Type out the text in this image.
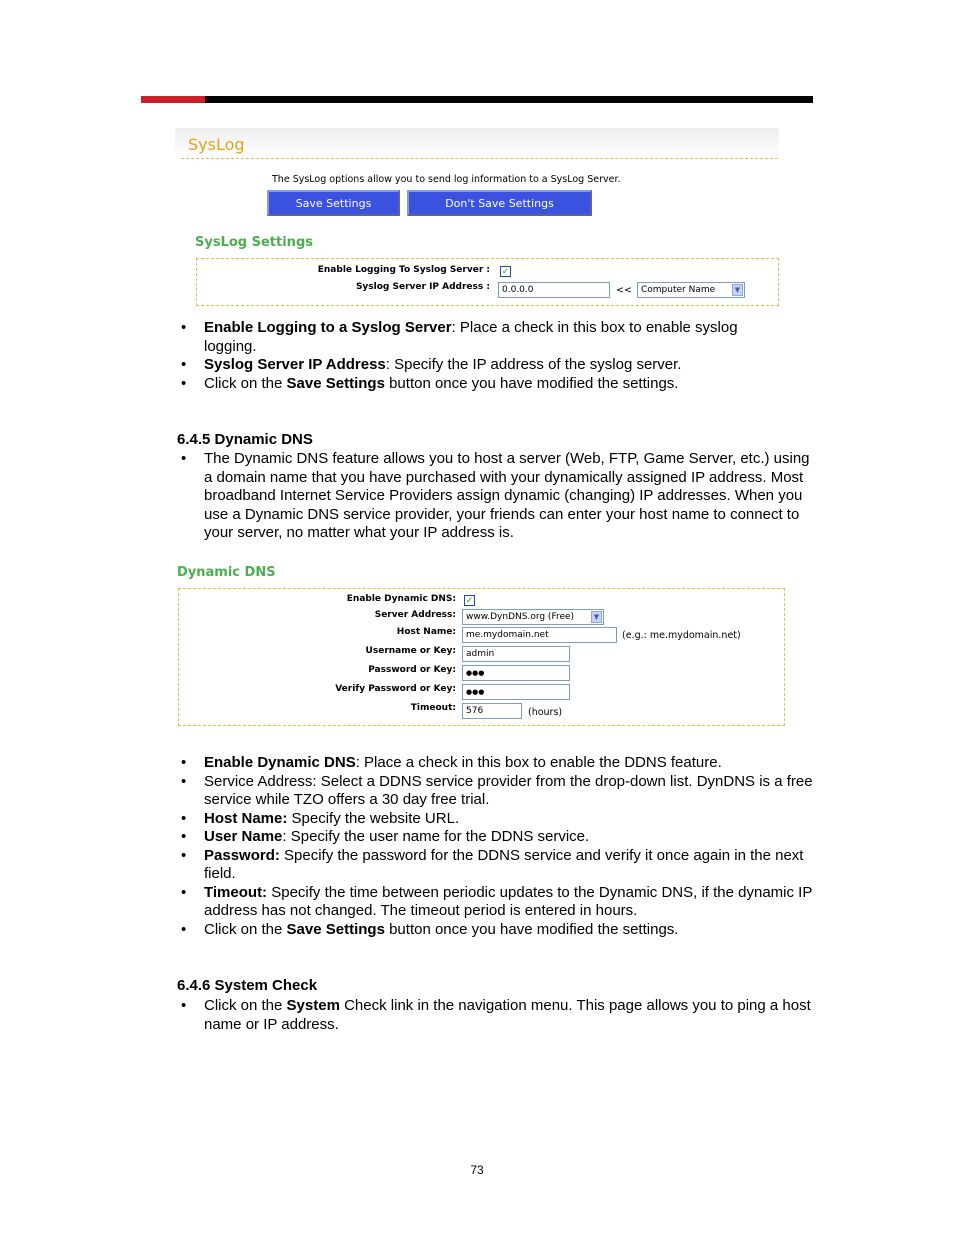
SysLog
The SysLog options allow you to send log information to a SysLog Server.
Save Settings	Don't Save Settings
SysLog Settings
Enable Logging To Syslog Server : ✓
Syslog Server IP Address :	0.0.0.0	<< Computer Name	▼
• Enable Logging to a Syslog Server: Place a check in this box to enable syslog logging.
• Syslog Server IP Address: Specify the IP address of the syslog server.
• Click on the Save Settings button once you have modified the settings.
6.4.5 Dynamic DNS
• The Dynamic DNS feature allows you to host a server (Web, FTP, Game Server, etc.) using a domain name that you have purchased with your dynamically assigned IP address. Most broadband Internet Service Providers assign dynamic (changing) IP addresses. When you use a Dynamic DNS service provider, your friends can enter your host name to connect to your server, no matter what your IP address is.
Dynamic DNS
Enable Dynamic DNS: ✓
Server Address: www.DynDNS.org (Free)	▼
Host Name:	me.mydomain.net	(e.g.: me.mydomain.net)
Username or Key:	admin
Password or Key:	●●●
Verify Password or Key:	●●●
Timeout:	576	(hours)
• Enable Dynamic DNS: Place a check in this box to enable the DDNS feature.
• Service Address: Select a DDNS service provider from the drop-down list. DynDNS is a free service while TZO offers a 30 day free trial.
• Host Name: Specify the website URL.
• User Name: Specify the user name for the DDNS service.
• Password: Specify the password for the DDNS service and verify it once again in the next field.
• Timeout: Specify the time between periodic updates to the Dynamic DNS, if the dynamic IP address has not changed. The timeout period is entered in hours.
• Click on the Save Settings button once you have modified the settings.
6.4.6 System Check
• Click on the System Check link in the navigation menu. This page allows you to ping a host name or IP address.
73
